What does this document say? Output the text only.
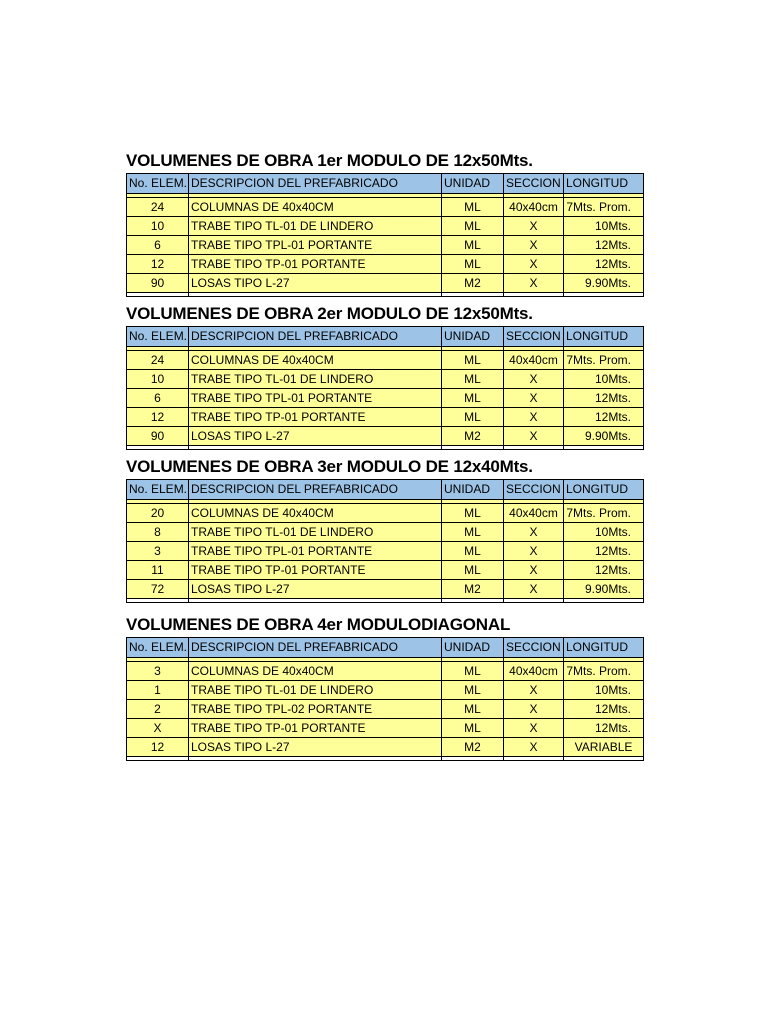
VOLUMENES DE OBRA 1er MODULO DE 12x50Mts.
No. ELEM.	DESCRIPCION DEL PREFABRICADO	UNIDAD	SECCION	LONGITUD

24	COLUMNAS DE 40x40CM	ML	40x40cm	7Mts. Prom.
10	TRABE TIPO TL-01 DE LINDERO	ML	X	10Mts.
6	TRABE TIPO TPL-01 PORTANTE	ML	X	12Mts.
12	TRABE TIPO TP-01 PORTANTE	ML	X	12Mts.
90	LOSAS TIPO L-27	M2	X	9.90Mts.

VOLUMENES DE OBRA 2er MODULO DE 12x50Mts.
No. ELEM.	DESCRIPCION DEL PREFABRICADO	UNIDAD	SECCION	LONGITUD

24	COLUMNAS DE 40x40CM	ML	40x40cm	7Mts. Prom.
10	TRABE TIPO TL-01 DE LINDERO	ML	X	10Mts.
6	TRABE TIPO TPL-01 PORTANTE	ML	X	12Mts.
12	TRABE TIPO TP-01 PORTANTE	ML	X	12Mts.
90	LOSAS TIPO L-27	M2	X	9.90Mts.

VOLUMENES DE OBRA 3er MODULO DE 12x40Mts.
No. ELEM.	DESCRIPCION DEL PREFABRICADO	UNIDAD	SECCION	LONGITUD

20	COLUMNAS DE 40x40CM	ML	40x40cm	7Mts. Prom.
8	TRABE TIPO TL-01 DE LINDERO	ML	X	10Mts.
3	TRABE TIPO TPL-01 PORTANTE	ML	X	12Mts.
11	TRABE TIPO TP-01 PORTANTE	ML	X	12Mts.
72	LOSAS TIPO L-27	M2	X	9.90Mts.

VOLUMENES DE OBRA 4er MODULODIAGONAL
No. ELEM.	DESCRIPCION DEL PREFABRICADO	UNIDAD	SECCION	LONGITUD

3	COLUMNAS DE 40x40CM	ML	40x40cm	7Mts. Prom.
1	TRABE TIPO TL-01 DE LINDERO	ML	X	10Mts.
2	TRABE TIPO TPL-02 PORTANTE	ML	X	12Mts.
X	TRABE TIPO TP-01 PORTANTE	ML	X	12Mts.
12	LOSAS TIPO L-27	M2	X	VARIABLE
